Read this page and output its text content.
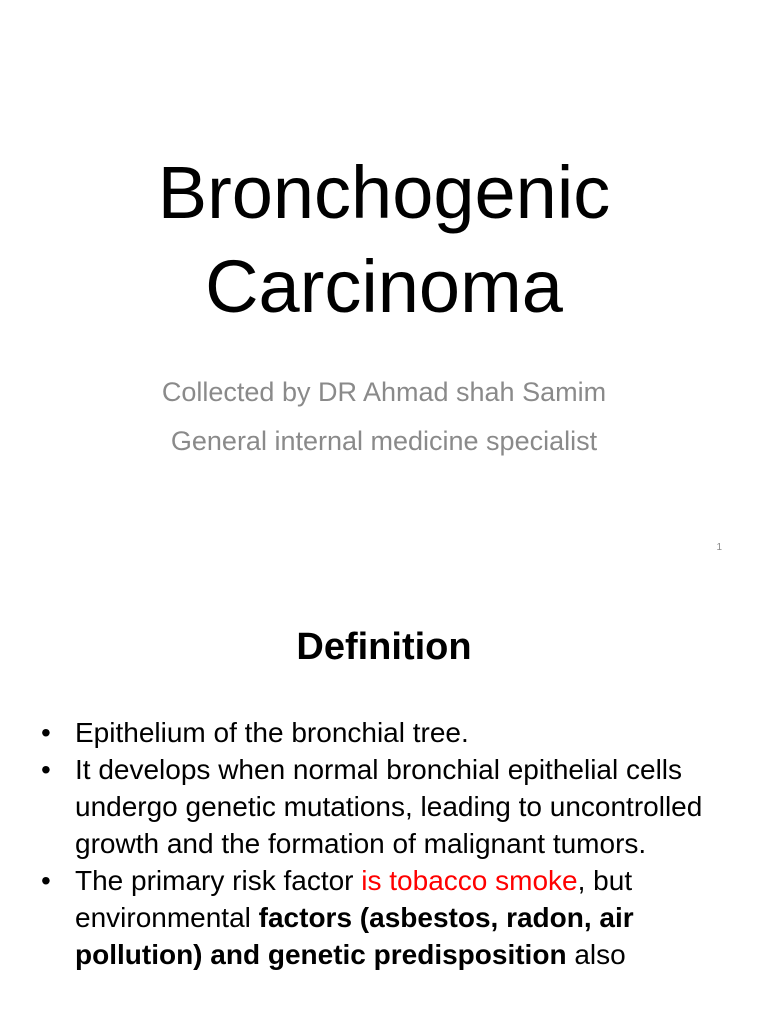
Bronchogenic
Carcinoma
Collected by DR Ahmad shah Samim
General internal medicine specialist
1
Definition
• Epithelium of the bronchial tree.
• It develops when normal bronchial epithelial cells undergo genetic mutations, leading to uncontrolled growth and the formation of malignant tumors.
• The primary risk factor is tobacco smoke, but environmental factors (asbestos, radon, air pollution) and genetic predisposition also
